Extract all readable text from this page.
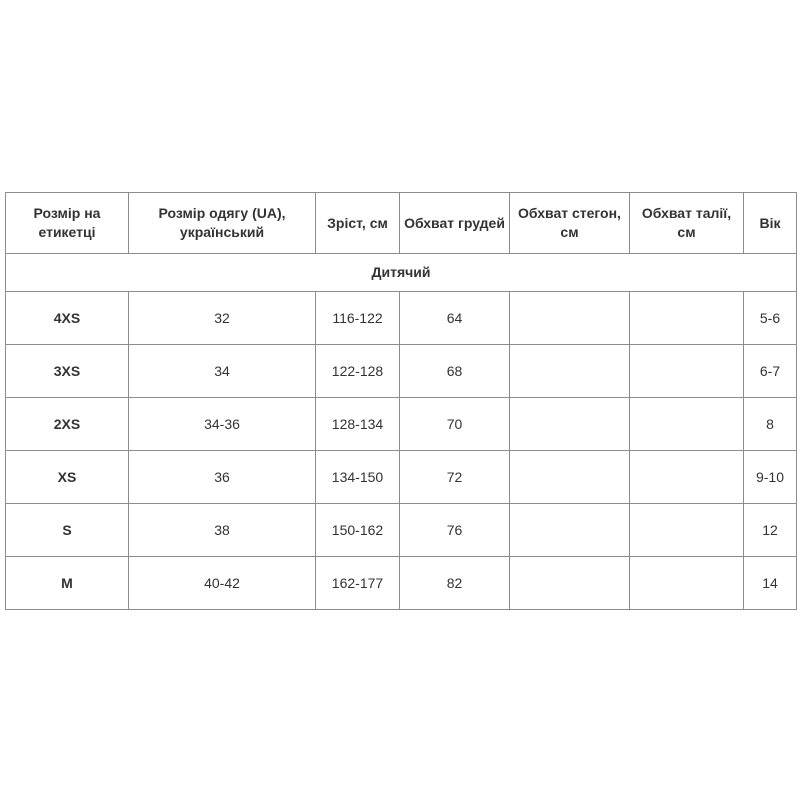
Розмір на етикетці	Розмір одягу (UA), український	Зріст, см	Обхват грудей	Обхват стегон, см	Обхват талії, см	Вік
Дитячий						
4XS	32	116-122	64			5-6
3XS	34	122-128	68			6-7
2XS	34-36	128-134	70			8
XS	36	134-150	72			9-10
S	38	150-162	76			12
M	40-42	162-177	82			14
